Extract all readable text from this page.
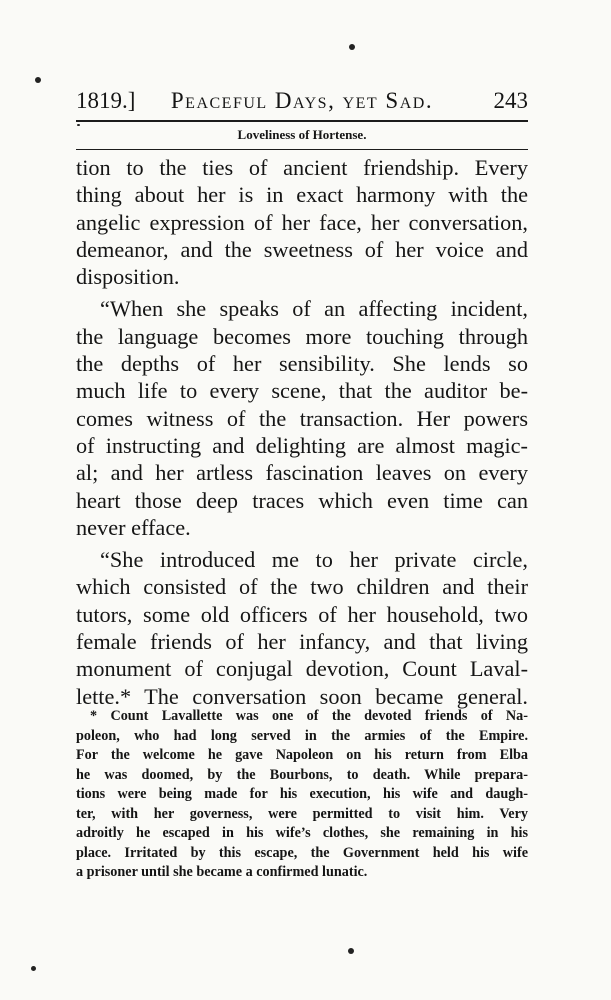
1819.]	Peaceful Days, yet Sad.	243
Loveliness of Hortense.
tion to the ties of ancient friendship. Every
thing about her is in exact harmony with the
angelic expression of her face, her conversation,
demeanor, and the sweetness of her voice and
disposition.
“When she speaks of an affecting incident,
the language becomes more touching through
the depths of her sensibility. She lends so
much life to every scene, that the auditor be-
comes witness of the transaction. Her powers
of instructing and delighting are almost magic-
al; and her artless fascination leaves on every
heart those deep traces which even time can
never efface.
“She introduced me to her private circle,
which consisted of the two children and their
tutors, some old officers of her household, two
female friends of her infancy, and that living
monument of conjugal devotion, Count Laval-
lette.* The conversation soon became general.
* Count Lavallette was one of the devoted friends of Na-
poleon, who had long served in the armies of the Empire.
For the welcome he gave Napoleon on his return from Elba
he was doomed, by the Bourbons, to death. While prepara-
tions were being made for his execution, his wife and daugh-
ter, with her governess, were permitted to visit him. Very
adroitly he escaped in his wife’s clothes, she remaining in his
place. Irritated by this escape, the Government held his wife
a prisoner until she became a confirmed lunatic.
